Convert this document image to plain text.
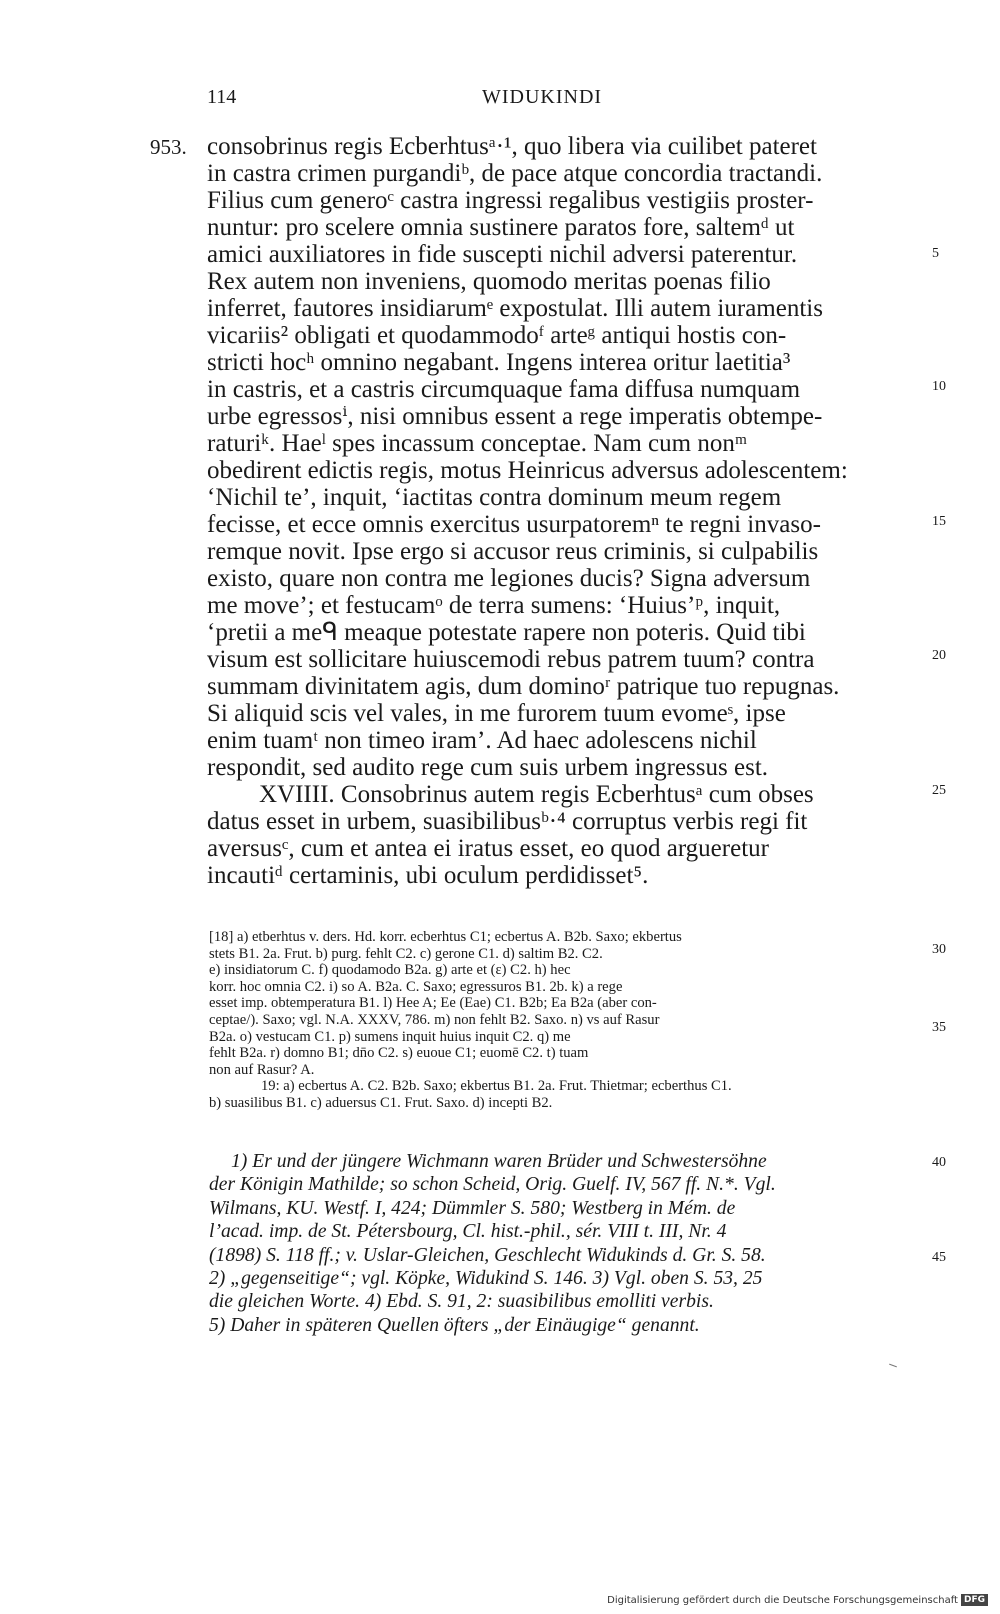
114	WIDUKINDI
953. consobrinus regis Ecberhtusᵃ·¹, quo libera via cuilibet pateret
in castra crimen purgandiᵇ, de pace atque concordia tractandi.
Filius cum generoᶜ castra ingressi regalibus vestigiis proster-
nuntur: pro scelere omnia sustinere paratos fore, saltemᵈ ut
amici auxiliatores in fide suscepti nichil adversi paterentur.
Rex autem non inveniens, quomodo meritas poenas filio
inferret, fautores insidiarumᵉ expostulat. Illi autem iuramentis
vicariis² obligati et quodammodoᶠ arteᵍ antiqui hostis con-
stricti hocʰ omnino negabant. Ingens interea oritur laetitia³
in castris, et a castris circumquaque fama diffusa numquam
urbe egressosⁱ, nisi omnibus essent a rege imperatis obtempe-
raturiᵏ. Haeˡ spes incassum conceptae. Nam cum nonᵐ
obedirent edictis regis, motus Heinricus adversus adolescentem:
‘Nichil te’, inquit, ‘iactitas contra dominum meum regem
fecisse, et ecce omnis exercitus usurpatoremⁿ te regni invaso-
remque novit. Ipse ergo si accusor reus criminis, si culpabilis
existo, quare non contra me legiones ducis? Signa adversum
me move’; et festucamᵒ de terra sumens: ‘Huius’ᵖ, inquit,
‘pretii a meᑫ meaque potestate rapere non poteris. Quid tibi
visum est sollicitare huiuscemodi rebus patrem tuum? contra
summam divinitatem agis, dum dominoʳ patrique tuo repugnas.
Si aliquid scis vel vales, in me furorem tuum evomeˢ, ipse
enim tuamᵗ non timeo iram’. Ad haec adolescens nichil
respondit, sed audito rege cum suis urbem ingressus est.
XVIIII. Consobrinus autem regis Ecberhtusᵃ cum obses
datus esset in urbem, suasibilibusᵇ·⁴ corruptus verbis regi fit
aversusᶜ, cum et antea ei iratus esset, eo quod argueretur
incautiᵈ certaminis, ubi oculum perdidisset⁵.
5
10
15
20
25
30
35
40
45
[18] a) etberhtus v. ders. Hd. korr. ecberhtus C1; ecbertus A. B2b. Saxo; ekbertus
stets B1. 2a. Frut. b) purg. fehlt C2. c) gerone C1. d) saltim B2. C2.
e) insidiatorum C. f) quodamodo B2a. g) arte et (ɛ) C2. h) hec
korr. hoc omnia C2. i) so A. B2a. C. Saxo; egressuros B1. 2b. k) a rege
esset imp. obtemperatura B1. l) Hee A; Ee (Eae) C1. B2b; Ea B2a (aber con-
ceptae/). Saxo; vgl. N.A. XXXV, 786. m) non fehlt B2. Saxo. n) vs auf Rasur
B2a. o) vestucam C1. p) sumens inquit huius inquit C2. q) me
fehlt B2a. r) domno B1; dn̄o C2. s) euoue C1; euomē C2. t) tuam
non auf Rasur? A.
19: a) ecbertus A. C2. B2b. Saxo; ekbertus B1. 2a. Frut. Thietmar; ecberthus C1.
b) suasilibus B1. c) aduersus C1. Frut. Saxo. d) incepti B2.
1) Er und der jüngere Wichmann waren Brüder und Schwestersöhne
der Königin Mathilde; so schon Scheid, Orig. Guelf. IV, 567 ff. N.*. Vgl.
Wilmans, KU. Westf. I, 424; Dümmler S. 580; Westberg in Mém. de
l’acad. imp. de St. Pétersbourg, Cl. hist.-phil., sér. VIII t. III, Nr. 4
(1898) S. 118 ff.; v. Uslar-Gleichen, Geschlecht Widukinds d. Gr. S. 58.
2) „gegenseitige“; vgl. Köpke, Widukind S. 146. 3) Vgl. oben S. 53, 25
die gleichen Worte. 4) Ebd. S. 91, 2: suasibilibus emolliti verbis.
5) Daher in späteren Quellen öfters „der Einäugige“ genannt.
Digitalisierung gefördert durch die Deutsche Forschungsgemeinschaft DFG
